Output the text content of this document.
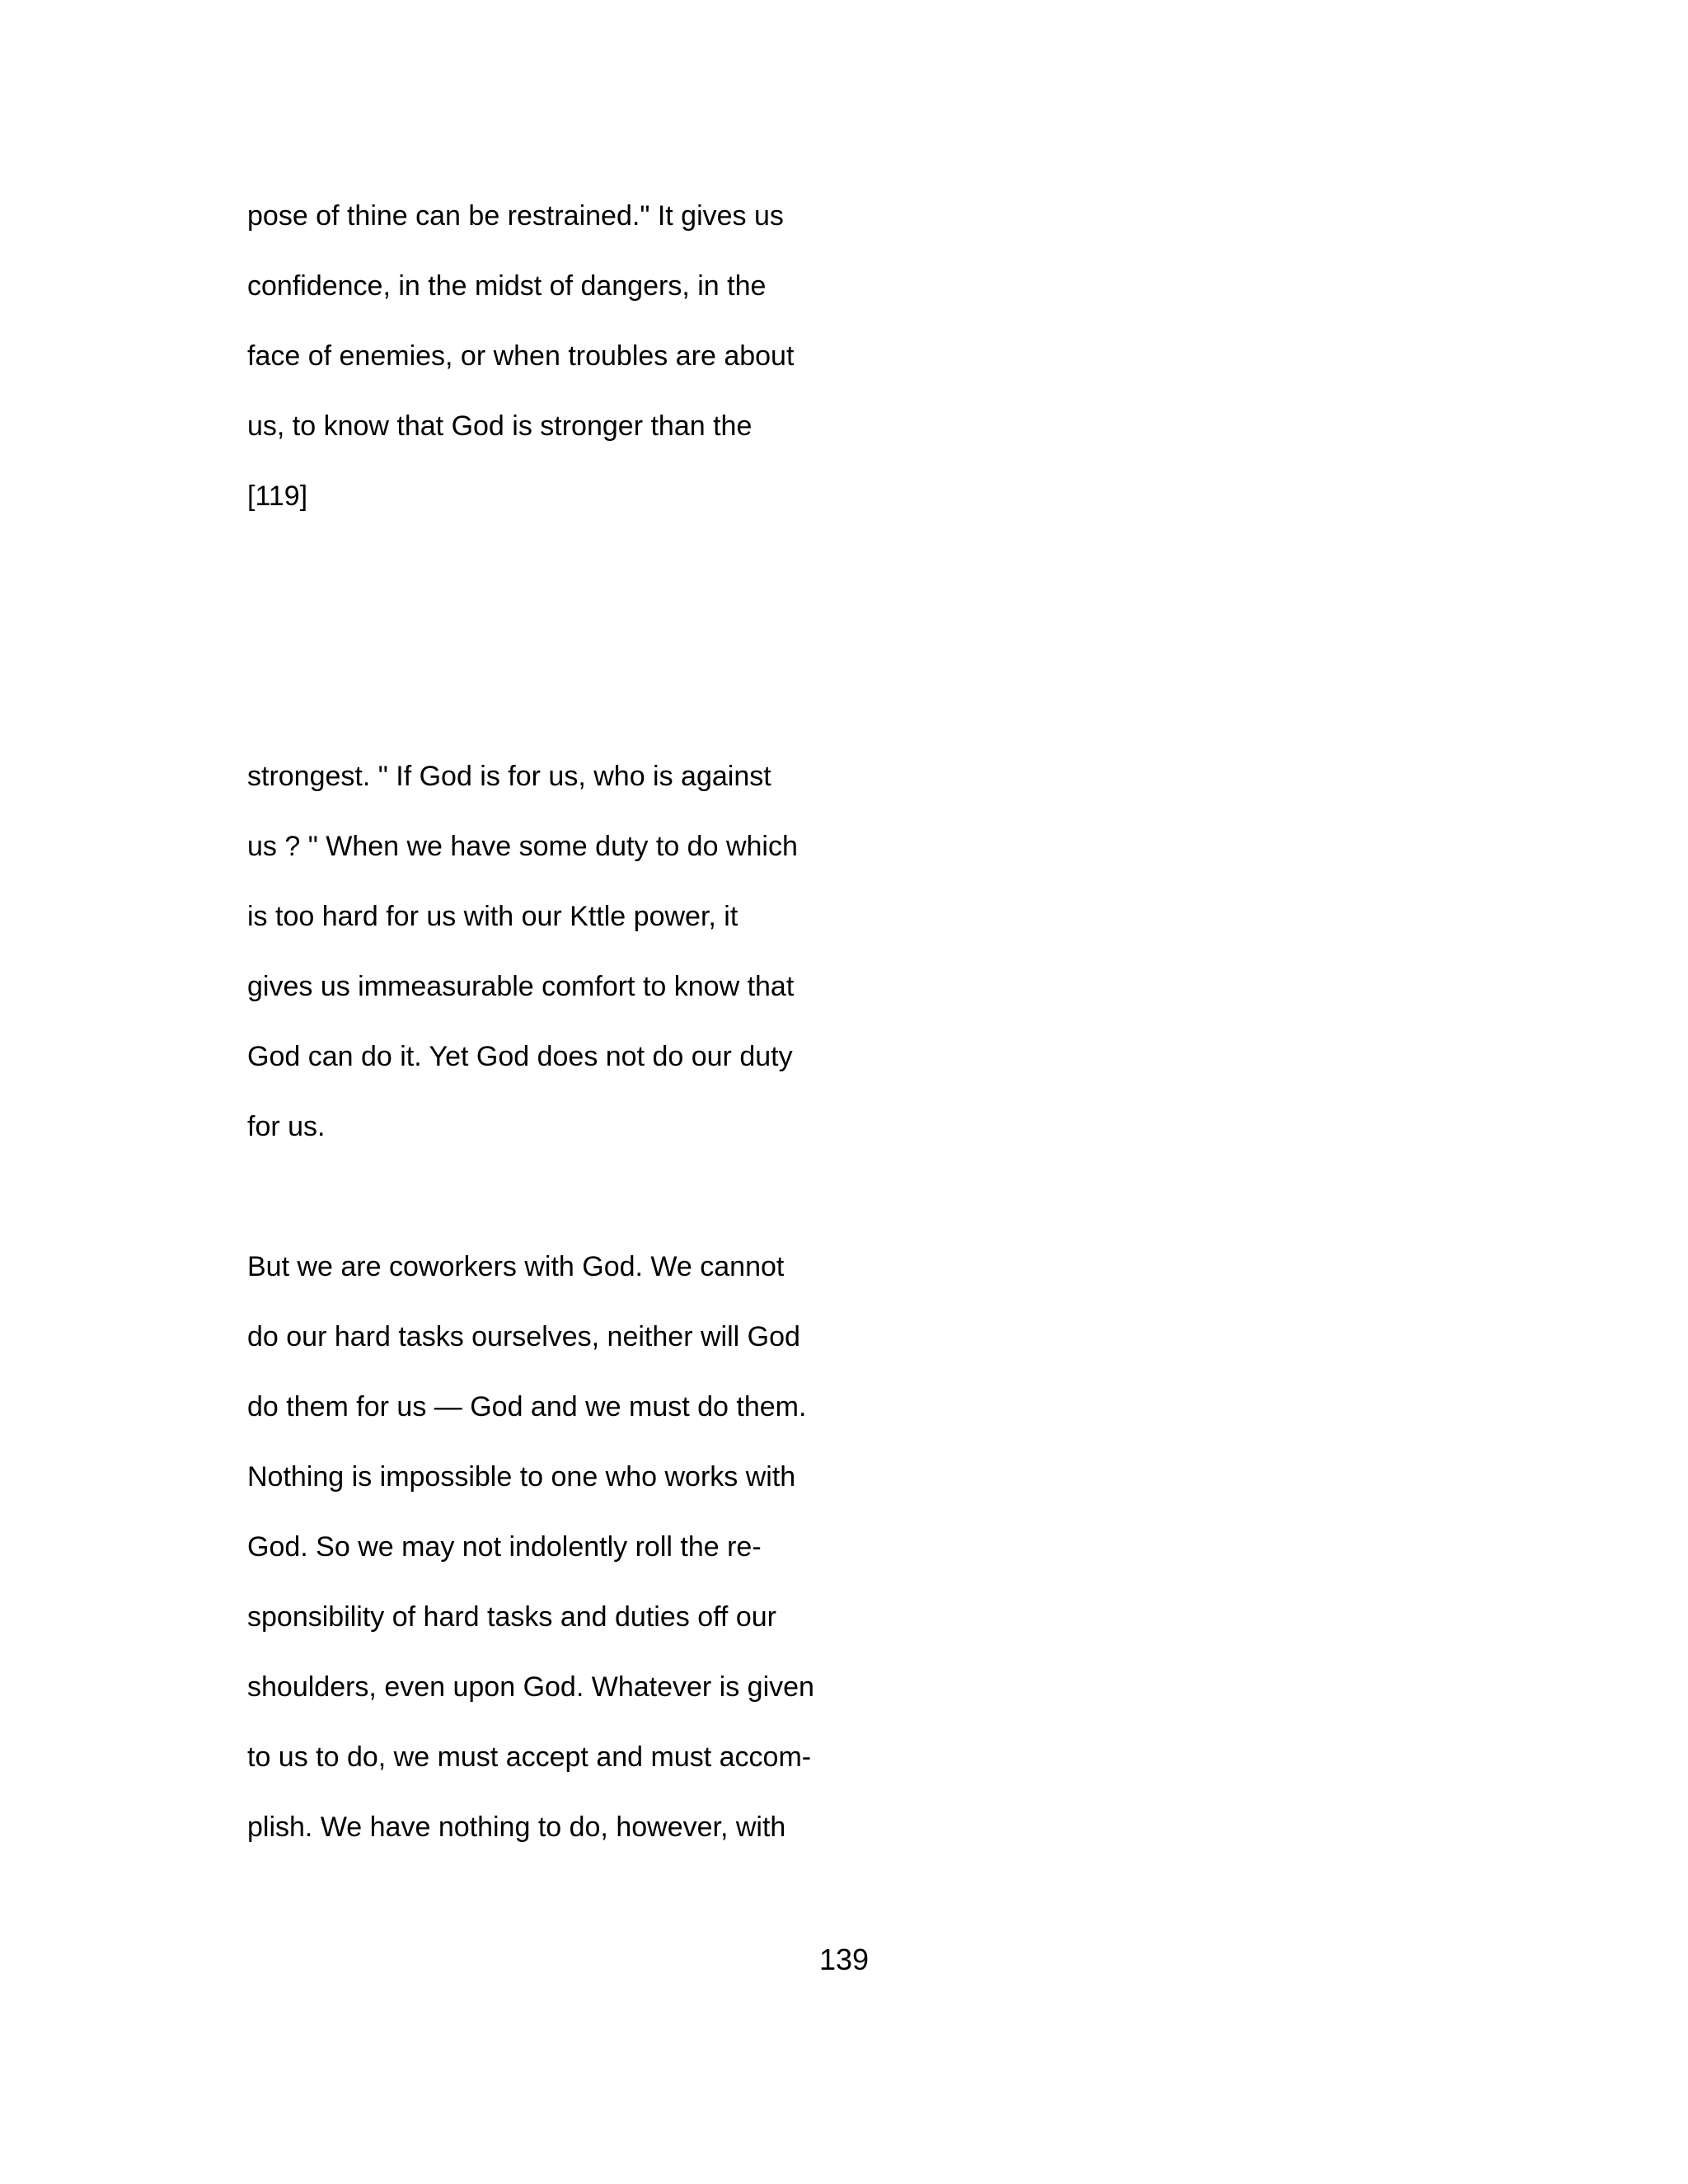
pose of thine can be restrained." It gives us
confidence, in the midst of dangers, in the
face of enemies, or when troubles are about
us, to know that God is stronger than the
[119]
strongest. " If God is for us, who is against
us ? " When we have some duty to do which
is too hard for us with our Kttle power, it
gives us immeasurable comfort to know that
God can do it. Yet God does not do our duty
for us.
But we are coworkers with God. We cannot
do our hard tasks ourselves, neither will God
do them for us — God and we must do them.
Nothing is impossible to one who works with
God. So we may not indolently roll the re-
sponsibility of hard tasks and duties off our
shoulders, even upon God. Whatever is given
to us to do, we must accept and must accom-
plish. We have nothing to do, however, with
139
